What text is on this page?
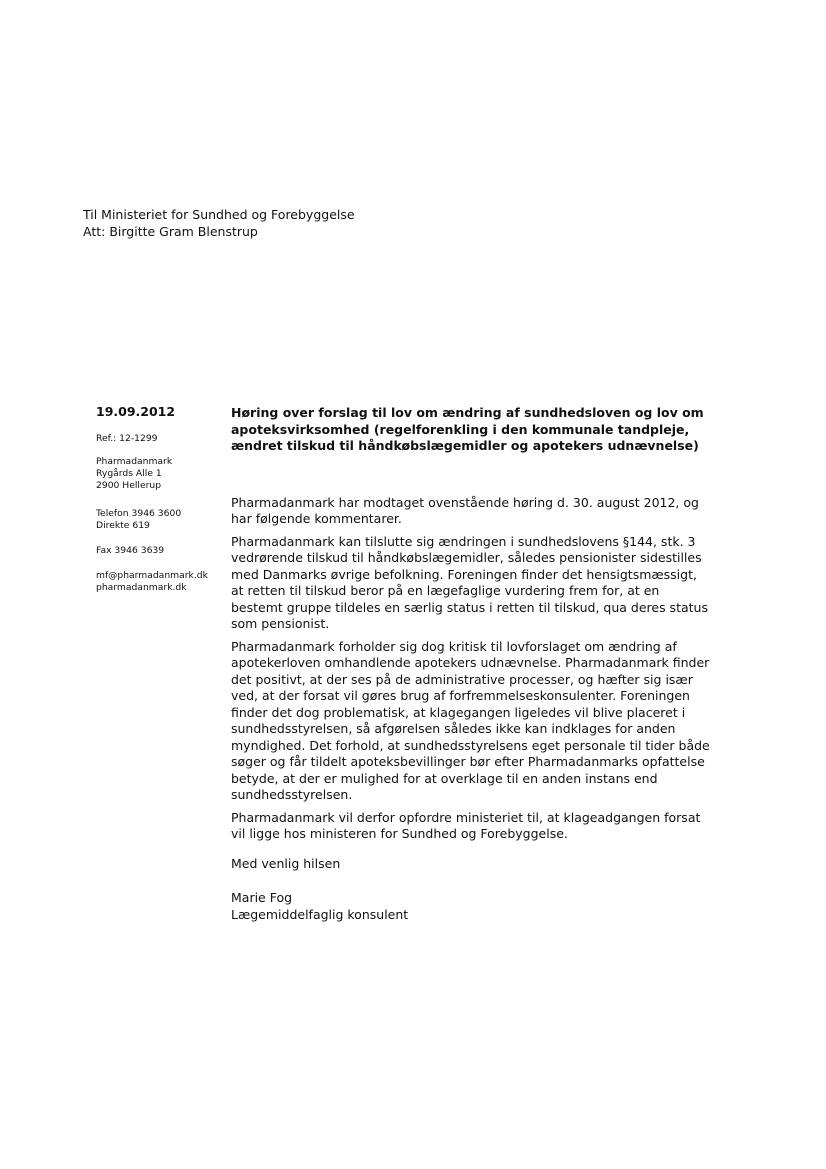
Til Ministeriet for Sundhed og Forebyggelse
Att: Birgitte Gram Blenstrup
19.09.2012
Ref.: 12-1299
Pharmadanmark
Rygårds Alle 1
2900 Hellerup
Telefon 3946 3600
Direkte 619
Fax 3946 3639
mf@pharmadanmark.dk
pharmadanmark.dk
Høring over forslag til lov om ændring af sundhedsloven og lov om
apoteksvirksomhed (regelforenkling i den kommunale tandpleje,
ændret tilskud til håndkøbslægemidler og apotekers udnævnelse)

Pharmadanmark har modtaget ovenstående høring d. 30. august 2012, og har følgende kommentarer.

Pharmadanmark kan tilslutte sig ændringen i sundhedslovens §144, stk. 3 vedrørende tilskud til håndkøbslægemidler, således pensionister sidestilles med Danmarks øvrige befolkning. Foreningen finder det hensigtsmæssigt, at retten til tilskud beror på en lægefaglige vurdering frem for, at en bestemt gruppe tildeles en særlig status i retten til tilskud, qua deres status som pensionist.

Pharmadanmark forholder sig dog kritisk til lovforslaget om ændring af apotekerloven omhandlende apotekers udnævnelse. Pharmadanmark finder det positivt, at der ses på de administrative processer, og hæfter sig især ved, at der forsat vil gøres brug af forfremmelseskonsulenter. Foreningen finder det dog problematisk, at klagegangen ligeledes vil blive placeret i sundhedsstyrelsen, så afgørelsen således ikke kan indklages for anden myndighed. Det forhold, at sundhedsstyrelsens eget personale til tider både søger og får tildelt apoteksbevillinger bør efter Pharmadanmarks opfattelse betyde, at der er mulighed for at overklage til en anden instans end sundhedsstyrelsen.

Pharmadanmark vil derfor opfordre ministeriet til, at klageadgangen forsat vil ligge hos ministeren for Sundhed og Forebyggelse.

Med venlig hilsen

Marie Fog
Lægemiddelfaglig konsulent
